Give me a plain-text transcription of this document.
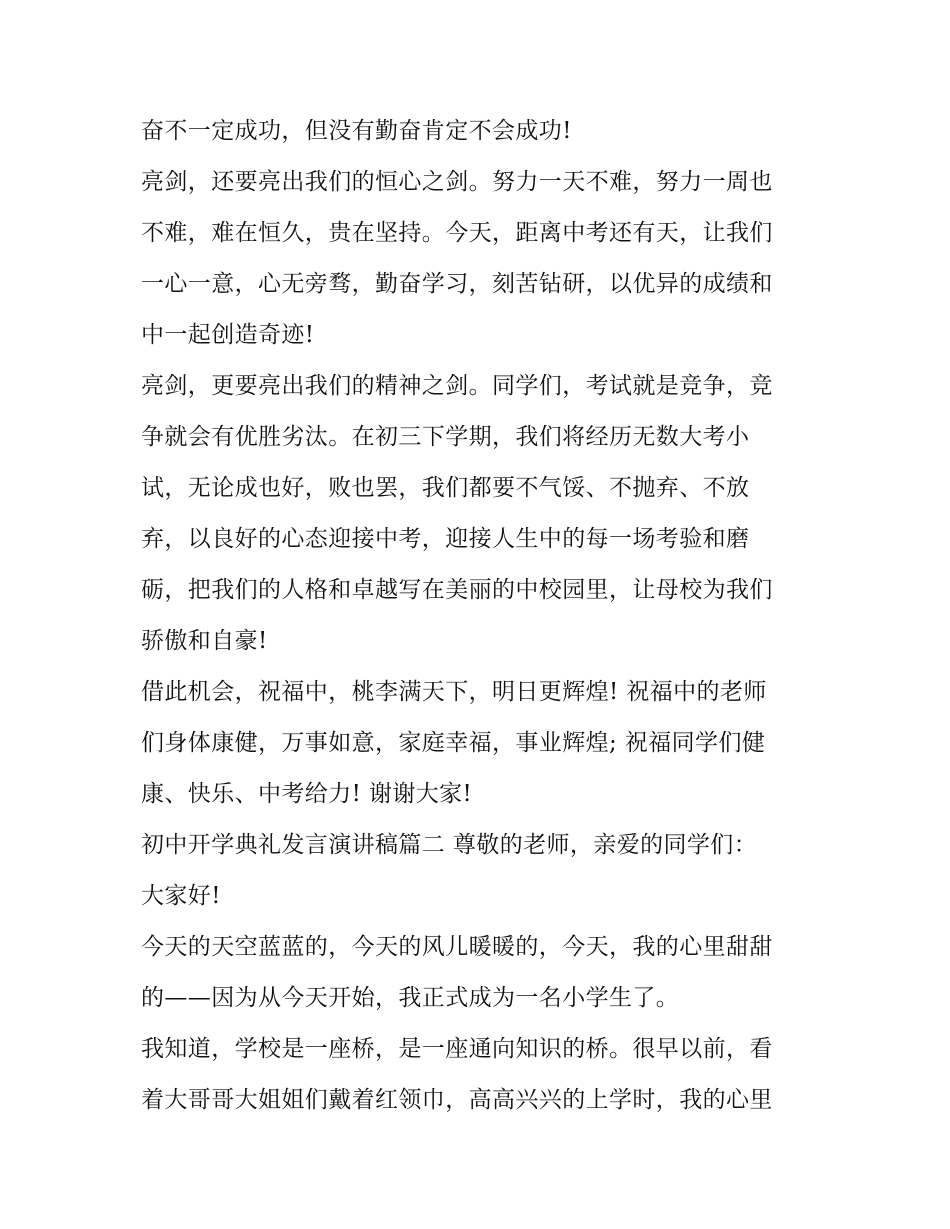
奋不一定成功，但没有勤奋肯定不会成功!
亮剑，还要亮出我们的恒心之剑。努力一天不难，努力一周也
不难，难在恒久，贵在坚持。今天，距离中考还有天，让我们
一心一意，心无旁骛，勤奋学习，刻苦钻研，以优异的成绩和
中一起创造奇迹!
亮剑，更要亮出我们的精神之剑。同学们，考试就是竞争，竞
争就会有优胜劣汰。在初三下学期，我们将经历无数大考小
试，无论成也好，败也罢，我们都要不气馁、不抛弃、不放
弃，以良好的心态迎接中考，迎接人生中的每一场考验和磨
砺，把我们的人格和卓越写在美丽的中校园里，让母校为我们
骄傲和自豪!
借此机会，祝福中，桃李满天下，明日更辉煌! 祝福中的老师
们身体康健，万事如意，家庭幸福，事业辉煌; 祝福同学们健
康、快乐、中考给力! 谢谢大家!
初中开学典礼发言演讲稿篇二 尊敬的老师，亲爱的同学们：
大家好!
今天的天空蓝蓝的，今天的风儿暖暖的，今天，我的心里甜甜
的——因为从今天开始，我正式成为一名小学生了。
我知道，学校是一座桥，是一座通向知识的桥。很早以前，看
着大哥哥大姐姐们戴着红领巾，高高兴兴的上学时，我的心里
